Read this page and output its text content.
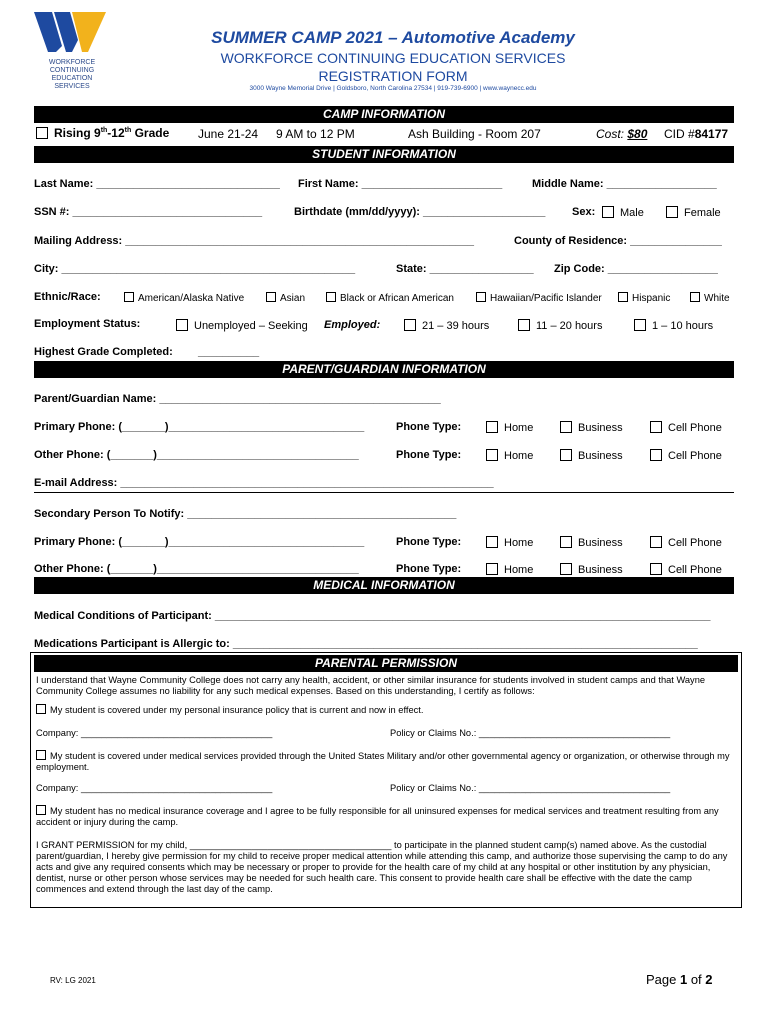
WORKFORCE
CONTINUING
EDUCATION
SERVICES
SUMMER CAMP 2021 – Automotive Academy
WORKFORCE CONTINUING EDUCATION SERVICES
REGISTRATION FORM
3000 Wayne Memorial Drive | Goldsboro, North Carolina 27534 | 919-739-6900 | www.waynecc.edu
CAMP INFORMATION
Rising 9th-12th Grade June 21-24 9 AM to 12 PM	Ash Building - Room 207	Cost: $80 CID #84177
STUDENT INFORMATION
Last Name: ______________________________ First Name: _______________________	Middle Name: __________________
SSN #: _______________________________	Birthdate (mm/dd/yyyy): ____________________ Sex:	Male	Female
Mailing Address: _________________________________________________________	County of Residence: _______________
City: ________________________________________________	State: _________________ Zip Code: __________________
Ethnic/Race:	American/Alaska Native	Asian	Black or African American	Hawaiian/Pacific Islander	Hispanic	White
Employment Status:	Unemployed – Seeking Employed:	21 – 39 hours	11 – 20 hours	1 – 10 hours
Highest Grade Completed: __________
PARENT/GUARDIAN INFORMATION
Parent/Guardian Name: ______________________________________________
Primary Phone: (_______)________________________________	Phone Type:	Home	Business	Cell Phone
Other Phone: (_______)_________________________________	Phone Type:	Home	Business	Cell Phone
E-mail Address: _____________________________________________________________
Secondary Person To Notify: ____________________________________________
Primary Phone: (_______)________________________________	Phone Type:	Home	Business	Cell Phone
Other Phone: (_______)_________________________________	Phone Type:	Home	Business	Cell Phone
MEDICAL INFORMATION
Medical Conditions of Participant: _________________________________________________________________________________
Medications Participant is Allergic to: ____________________________________________________________________________
PARENTAL PERMISSION
I understand that Wayne Community College does not carry any health, accident, or other similar insurance for students involved in student camps and that Wayne Community College assumes no liability for any such medical expenses. Based on this understanding, I certify as follows:
My student is covered under my personal insurance policy that is current and now in effect.
Company: _____________________________________	Policy or Claims No.: _____________________________________
My student is covered under medical services provided through the United States Military and/or other governmental agency or organization, or otherwise through my employment.
Company: _____________________________________	Policy or Claims No.: _____________________________________
My student has no medical insurance coverage and I agree to be fully responsible for all uninsured expenses for medical services and treatment resulting from any accident or injury during the camp.
I GRANT PERMISSION for my child, _______________________________________ to participate in the planned student camp(s) named above. As the custodial parent/guardian, I hereby give permission for my child to receive proper medical attention while attending this camp, and authorize those supervising the camp to do any acts and give any required consents which may be necessary or proper to provide for the health care of my child at any hospital or other institution by any physician, dentist, nurse or other person whose services may be needed for such health care. This consent to provide health care shall be effective with the date the camp commences and extend through the last day of the camp.
RV: LG 2021	Page 1 of 2
